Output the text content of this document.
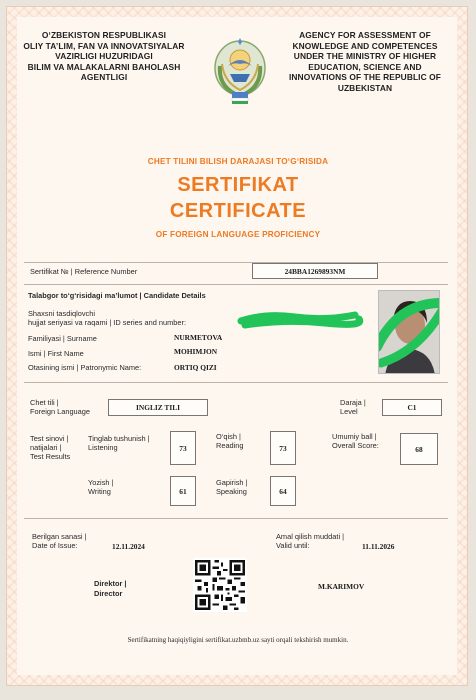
O‘ZBEKISTON RESPUBLIKASI
OLIY TA’LIM, FAN VA INNOVATSIYALAR
VAZIRLIGI HUZURIDAGI
BILIM VA MALAKALARNI BAHOLASH
AGENTLIGI
AGENCY FOR ASSESSMENT OF
KNOWLEDGE AND COMPETENCES
UNDER THE MINISTRY OF HIGHER
EDUCATION, SCIENCE AND
INNOVATIONS OF THE REPUBLIC OF
UZBEKISTAN
CHET TILINI BILISH DARAJASI TO‘G‘RISIDA
SERTIFIKAT
CERTIFICATE
OF FOREIGN LANGUAGE PROFICIENCY
Sertifikat № | Reference Number	24BBA1269893NM
Talabgor to‘g‘risidagi ma’lumot | Candidate Details
Shaxsni tasdiqlovchi
hujjat seriyasi va raqami | ID series and number:
Familiyasi | Surname	NURMETOVA
Ismi | First Name	MOHIMJON
Otasining ismi | Patronymic Name:	ORTIQ QIZI
Chet tili |
Foreign Language	INGLIZ TILI
Daraja |
Level	C1
Test sinovi |
natijalari |
Test Results
Tinglab tushunish |
Listening	73
O‘qish |
Reading	73
Umumiy ball |
Overall Score:	68
Yozish |
Writing	61
Gapirish |
Speaking	64
Berilgan sanasi |
Date of Issue:	12.11.2024
Amal qilish muddati |
Valid until:	11.11.2026
Direktor |
Director
M.KARIMOV
Sertifikatning haqiqiyligini sertifikat.uzbmb.uz sayti orqali tekshirish mumkin.
